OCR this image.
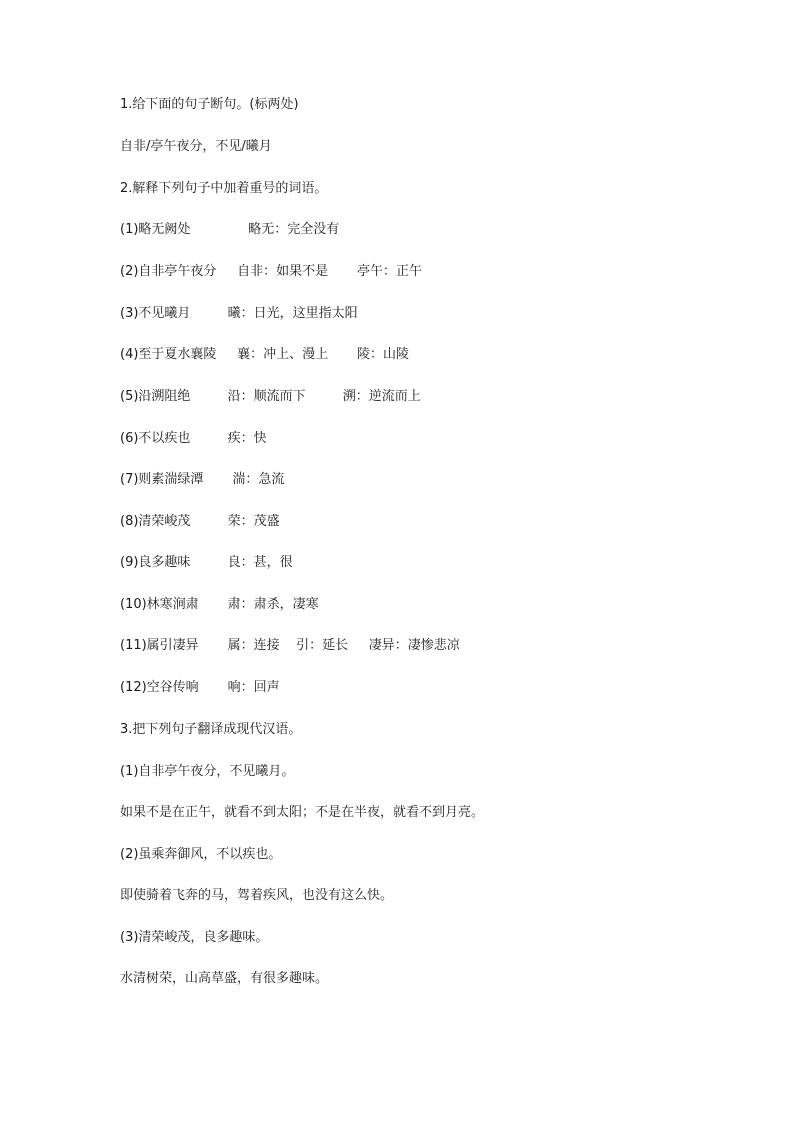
1.给下面的句子断句。(标两处)
自非/亭午夜分，不见/曦月
2.解释下列句子中加着重号的词语。
(1)略无阙处              略无：完全没有
(2)自非亭午夜分     自非：如果不是       亭午：正午
(3)不见曦月         曦：日光，这里指太阳
(4)至于夏水襄陵     襄：冲上、漫上       陵：山陵
(5)沿溯阻绝         沿：顺流而下         溯：逆流而上
(6)不以疾也         疾：快
(7)则素湍绿潭       湍：急流
(8)清荣峻茂         荣：茂盛
(9)良多趣味         良：甚，很
(10)林寒涧肃       肃：肃杀，凄寒
(11)属引凄异       属：连接    引：延长     凄异：凄惨悲凉
(12)空谷传响       响：回声
3.把下列句子翻译成现代汉语。
(1)自非亭午夜分，不见曦月。
如果不是在正午，就看不到太阳；不是在半夜，就看不到月亮。
(2)虽乘奔御风，不以疾也。
即使骑着飞奔的马，驾着疾风，也没有这么快。
(3)清荣峻茂，良多趣味。
水清树荣，山高草盛，有很多趣味。
